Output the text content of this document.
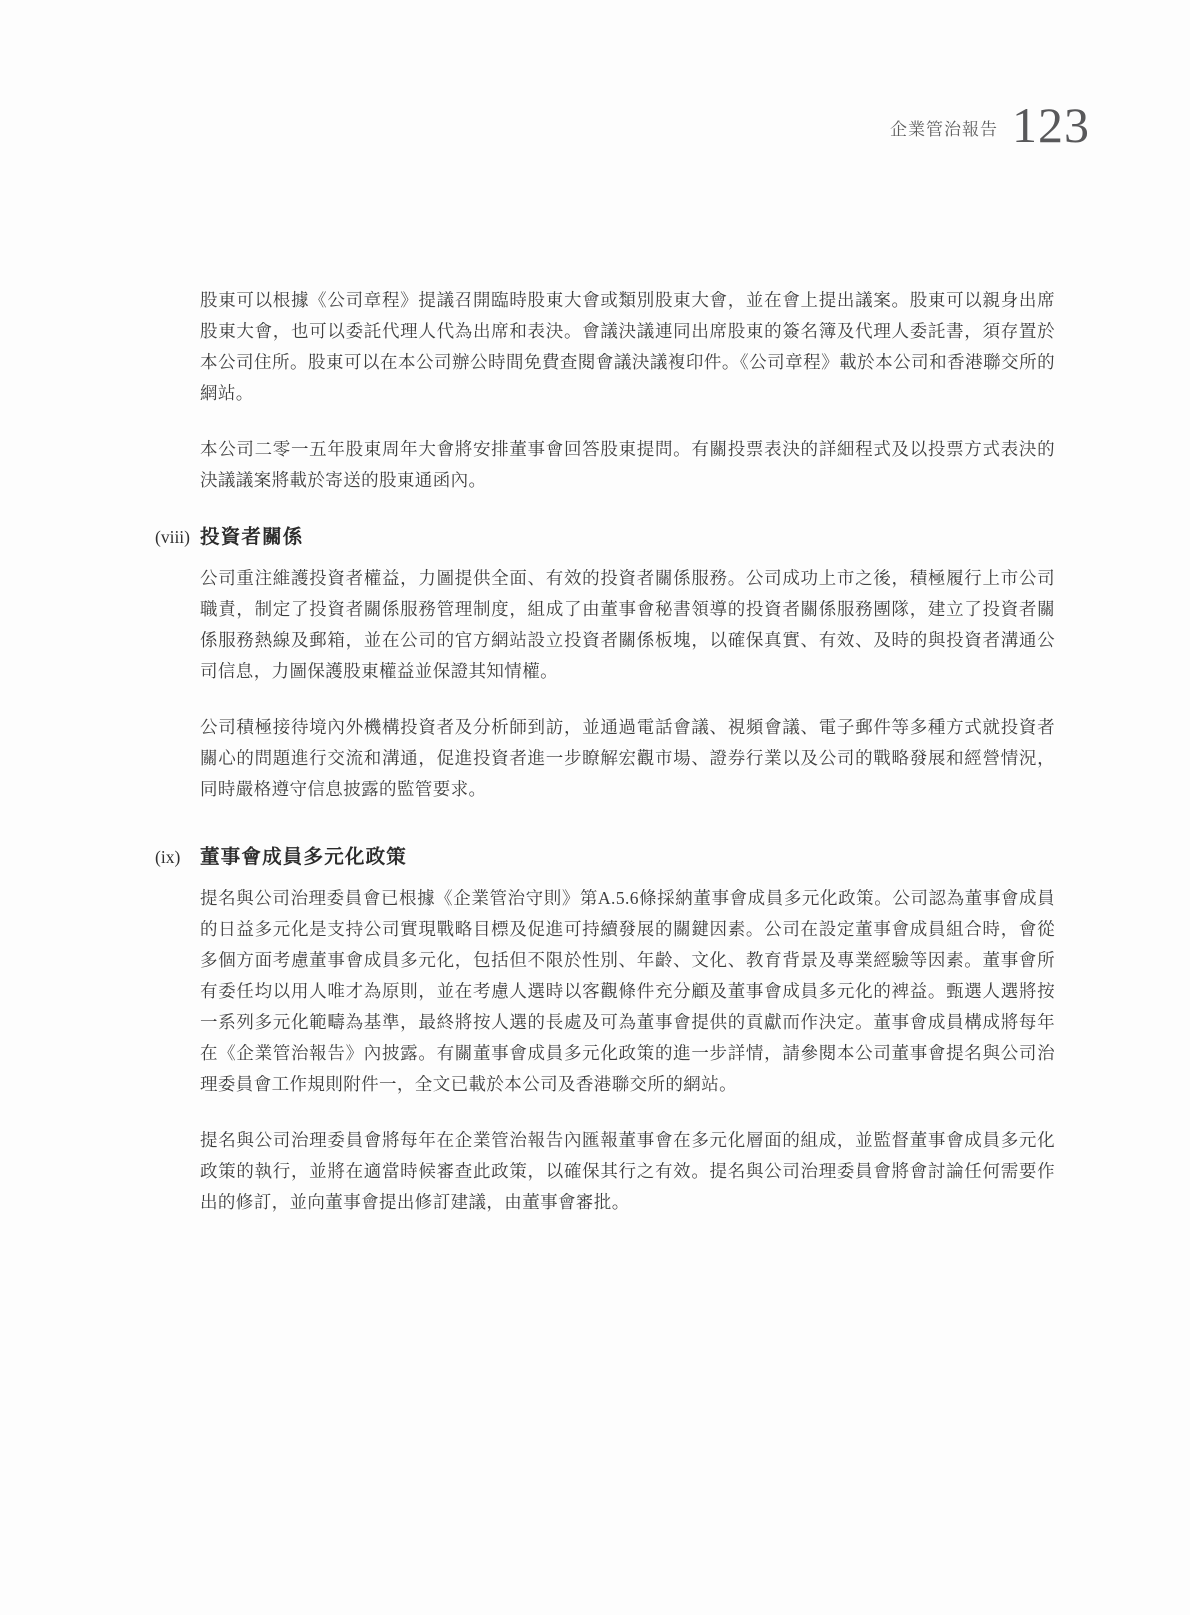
企業管治報告 123

股東可以根據《公司章程》提議召開臨時股東大會或類別股東大會，並在會上提出議案。股東可以親身出席股東大會，也可以委託代理人代為出席和表決。會議決議連同出席股東的簽名簿及代理人委託書，須存置於本公司住所。股東可以在本公司辦公時間免費查閱會議決議複印件。《公司章程》載於本公司和香港聯交所的網站。

本公司二零一五年股東周年大會將安排董事會回答股東提問。有關投票表決的詳細程式及以投票方式表決的決議議案將載於寄送的股東通函內。

(viii) 投資者關係

公司重注維護投資者權益，力圖提供全面、有效的投資者關係服務。公司成功上市之後，積極履行上市公司職責，制定了投資者關係服務管理制度，組成了由董事會秘書領導的投資者關係服務團隊，建立了投資者關係服務熱線及郵箱，並在公司的官方網站設立投資者關係板塊，以確保真實、有效、及時的與投資者溝通公司信息，力圖保護股東權益並保證其知情權。

公司積極接待境內外機構投資者及分析師到訪，並通過電話會議、視頻會議、電子郵件等多種方式就投資者關心的問題進行交流和溝通，促進投資者進一步瞭解宏觀市場、證券行業以及公司的戰略發展和經營情況，同時嚴格遵守信息披露的監管要求。

(ix)	董事會成員多元化政策

提名與公司治理委員會已根據《企業管治守則》第A.5.6條採納董事會成員多元化政策。公司認為董事會成員的日益多元化是支持公司實現戰略目標及促進可持續發展的關鍵因素。公司在設定董事會成員組合時，會從多個方面考慮董事會成員多元化，包括但不限於性別、年齡、文化、教育背景及專業經驗等因素。董事會所有委任均以用人唯才為原則，並在考慮人選時以客觀條件充分顧及董事會成員多元化的裨益。甄選人選將按一系列多元化範疇為基準，最終將按人選的長處及可為董事會提供的貢獻而作決定。董事會成員構成將每年在《企業管治報告》內披露。有關董事會成員多元化政策的進一步詳情，請參閱本公司董事會提名與公司治理委員會工作規則附件一，全文已載於本公司及香港聯交所的網站。

提名與公司治理委員會將每年在企業管治報告內匯報董事會在多元化層面的組成，並監督董事會成員多元化政策的執行，並將在適當時候審查此政策，以確保其行之有效。提名與公司治理委員會將會討論任何需要作出的修訂，並向董事會提出修訂建議，由董事會審批。
